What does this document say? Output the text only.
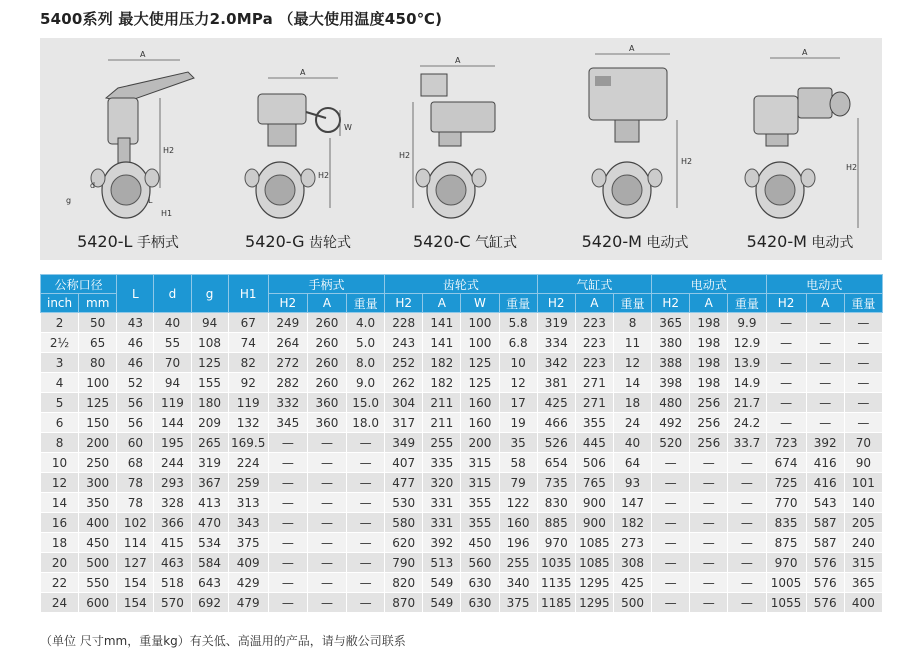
5400系列 最大使用压力2.0MPa （最大使用温度450℃)
A
H2
d
g	L
H1
5420-L 手柄式
A
W
H2
5420-G 齿轮式
A
H2
5420-C 气缸式
A
H2
5420-M 电动式
A
H2
5420-M 电动式
公称口径		L	d	g	H1	手柄式			齿轮式				气缸式			电动式			电动式		
inch	mm					H2	A	重量	H2	A	W	重量	H2	A	重量	H2	A	重量	H2	A	重量
2	50	43	40	94	67	249	260	4.0	228	141	100	5.8	319	223	8	365	198	9.9	—	—	—
2½	65	46	55	108	74	264	260	5.0	243	141	100	6.8	334	223	11	380	198	12.9	—	—	—
3	80	46	70	125	82	272	260	8.0	252	182	125	10	342	223	12	388	198	13.9	—	—	—
4	100	52	94	155	92	282	260	9.0	262	182	125	12	381	271	14	398	198	14.9	—	—	—
5	125	56	119	180	119	332	360	15.0	304	211	160	17	425	271	18	480	256	21.7	—	—	—
6	150	56	144	209	132	345	360	18.0	317	211	160	19	466	355	24	492	256	24.2	—	—	—
8	200	60	195	265	169.5	—	—	—	349	255	200	35	526	445	40	520	256	33.7	723	392	70
10	250	68	244	319	224	—	—	—	407	335	315	58	654	506	64	—	—	—	674	416	90
12	300	78	293	367	259	—	—	—	477	320	315	79	735	765	93	—	—	—	725	416	101
14	350	78	328	413	313	—	—	—	530	331	355	122	830	900	147	—	—	—	770	543	140
16	400	102	366	470	343	—	—	—	580	331	355	160	885	900	182	—	—	—	835	587	205
18	450	114	415	534	375	—	—	—	620	392	450	196	970	1085	273	—	—	—	875	587	240
20	500	127	463	584	409	—	—	—	790	513	560	255	1035	1085	308	—	—	—	970	576	315
22	550	154	518	643	429	—	—	—	820	549	630	340	1135	1295	425	—	—	—	1005	576	365
24	600	154	570	692	479	—	—	—	870	549	630	375	1185	1295	500	—	—	—	1055	576	400
（单位 尺寸mm，重量kg）有关低、高温用的产品，请与敝公司联系
